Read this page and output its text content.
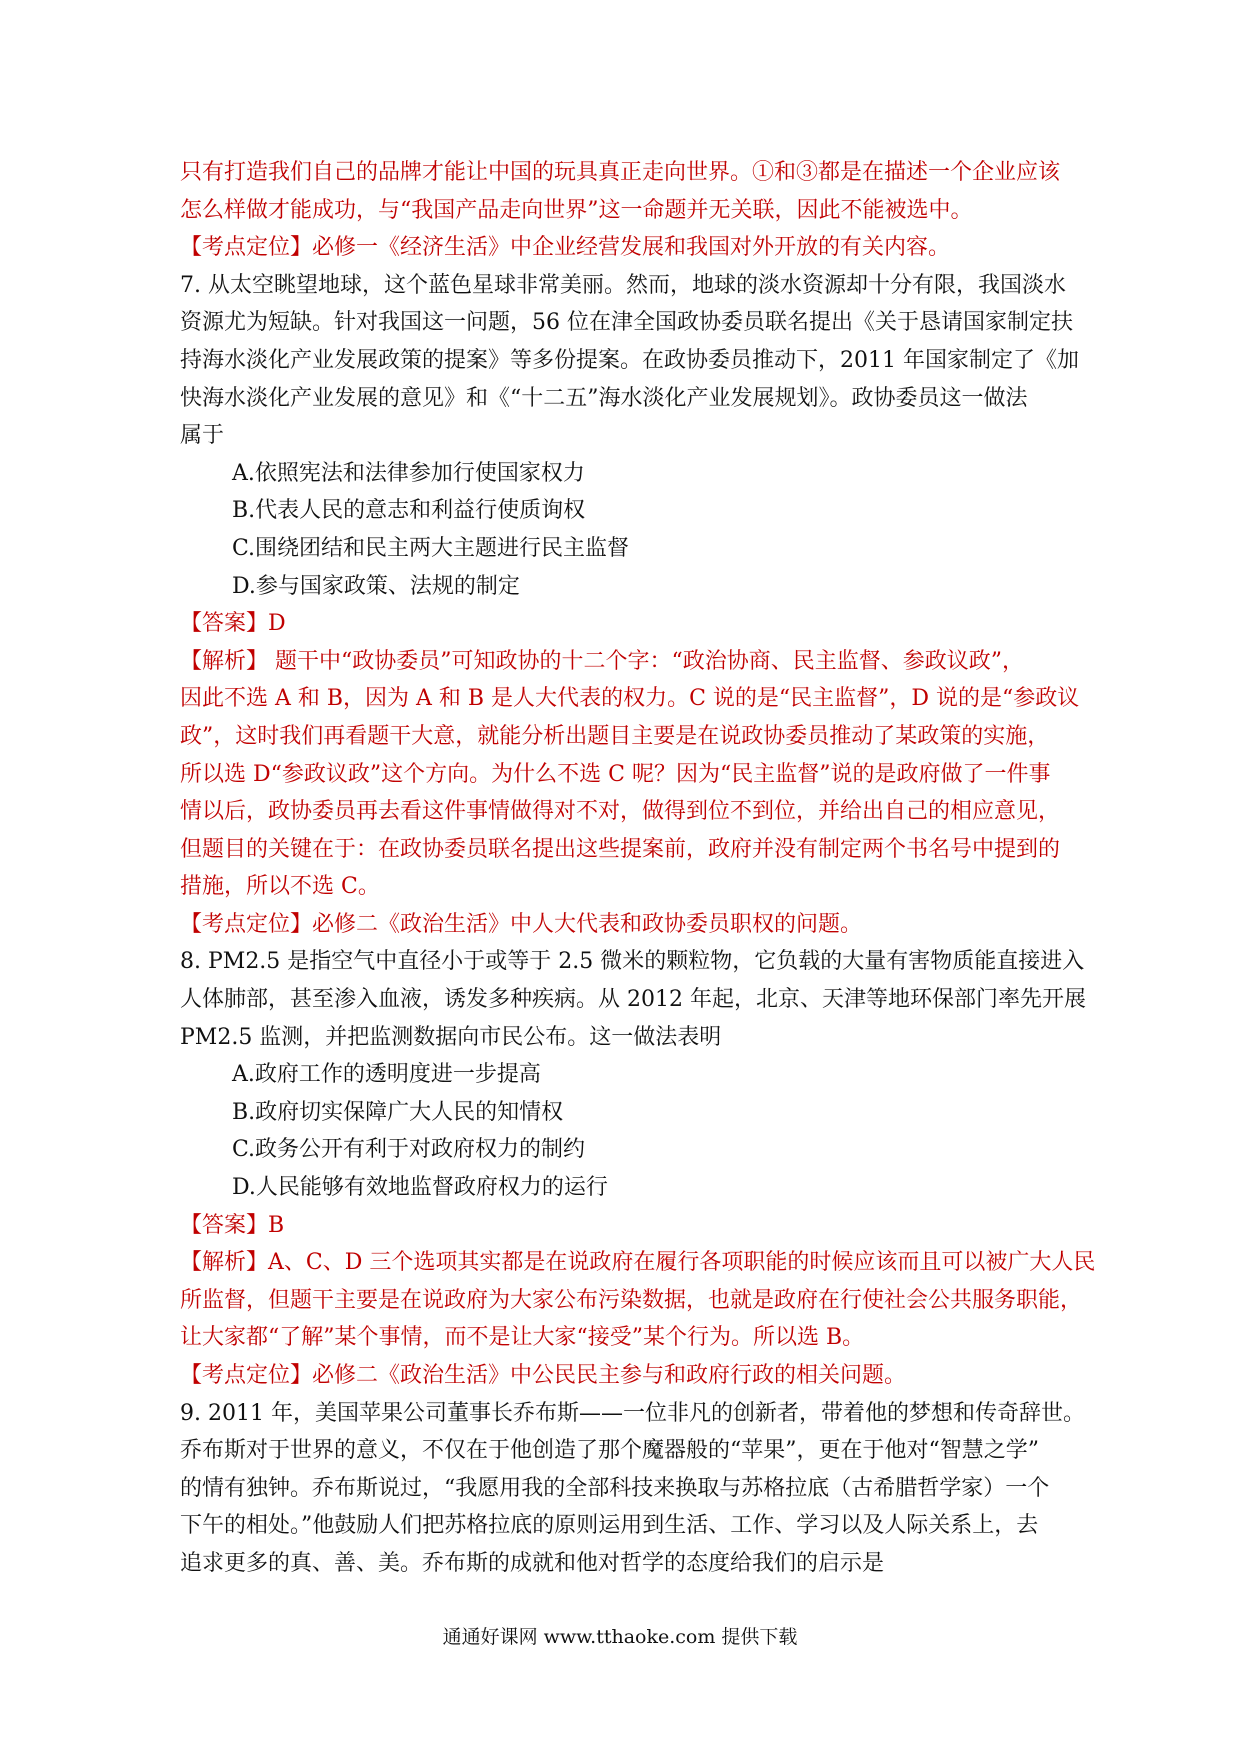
只有打造我们自己的品牌才能让中国的玩具真正走向世界。①和③都是在描述一个企业应该
怎么样做才能成功，与“我国产品走向世界”这一命题并无关联，因此不能被选中。
【考点定位】必修一《经济生活》中企业经营发展和我国对外开放的有关内容。
7. 从太空眺望地球，这个蓝色星球非常美丽。然而，地球的淡水资源却十分有限，我国淡水
资源尤为短缺。针对我国这一问题，56 位在津全国政协委员联名提出《关于恳请国家制定扶
持海水淡化产业发展政策的提案》等多份提案。在政协委员推动下，2011 年国家制定了《加
快海水淡化产业发展的意见》和《“十二五”海水淡化产业发展规划》。政协委员这一做法
属于
A.依照宪法和法律参加行使国家权力
B.代表人民的意志和利益行使质询权
C.围绕团结和民主两大主题进行民主监督
D.参与国家政策、法规的制定
【答案】D
【解析】 题干中“政协委员”可知政协的十二个字：“政治协商、民主监督、参政议政”，
因此不选 A 和 B，因为 A 和 B 是人大代表的权力。C 说的是“民主监督”，D 说的是“参政议
政”，这时我们再看题干大意，就能分析出题目主要是在说政协委员推动了某政策的实施，
所以选 D“参政议政”这个方向。为什么不选 C 呢？因为“民主监督”说的是政府做了一件事
情以后，政协委员再去看这件事情做得对不对，做得到位不到位，并给出自己的相应意见，
但题目的关键在于：在政协委员联名提出这些提案前，政府并没有制定两个书名号中提到的
措施，所以不选 C。
【考点定位】必修二《政治生活》中人大代表和政协委员职权的问题。
8. PM2.5 是指空气中直径小于或等于 2.5 微米的颗粒物，它负载的大量有害物质能直接进入
人体肺部，甚至渗入血液，诱发多种疾病。从 2012 年起，北京、天津等地环保部门率先开展
PM2.5 监测，并把监测数据向市民公布。这一做法表明
A.政府工作的透明度进一步提高
B.政府切实保障广大人民的知情权
C.政务公开有利于对政府权力的制约
D.人民能够有效地监督政府权力的运行
【答案】B
【解析】A、C、D 三个选项其实都是在说政府在履行各项职能的时候应该而且可以被广大人民
所监督，但题干主要是在说政府为大家公布污染数据，也就是政府在行使社会公共服务职能，
让大家都“了解”某个事情，而不是让大家“接受”某个行为。所以选 B。
【考点定位】必修二《政治生活》中公民民主参与和政府行政的相关问题。
9. 2011 年，美国苹果公司董事长乔布斯——一位非凡的创新者，带着他的梦想和传奇辞世。
乔布斯对于世界的意义，不仅在于他创造了那个魔器般的“苹果”，更在于他对“智慧之学”
的情有独钟。乔布斯说过，“我愿用我的全部科技来换取与苏格拉底（古希腊哲学家）一个
下午的相处。”他鼓励人们把苏格拉底的原则运用到生活、工作、学习以及人际关系上，去
追求更多的真、善、美。乔布斯的成就和他对哲学的态度给我们的启示是
通通好课网 www.tthaoke.com 提供下载
